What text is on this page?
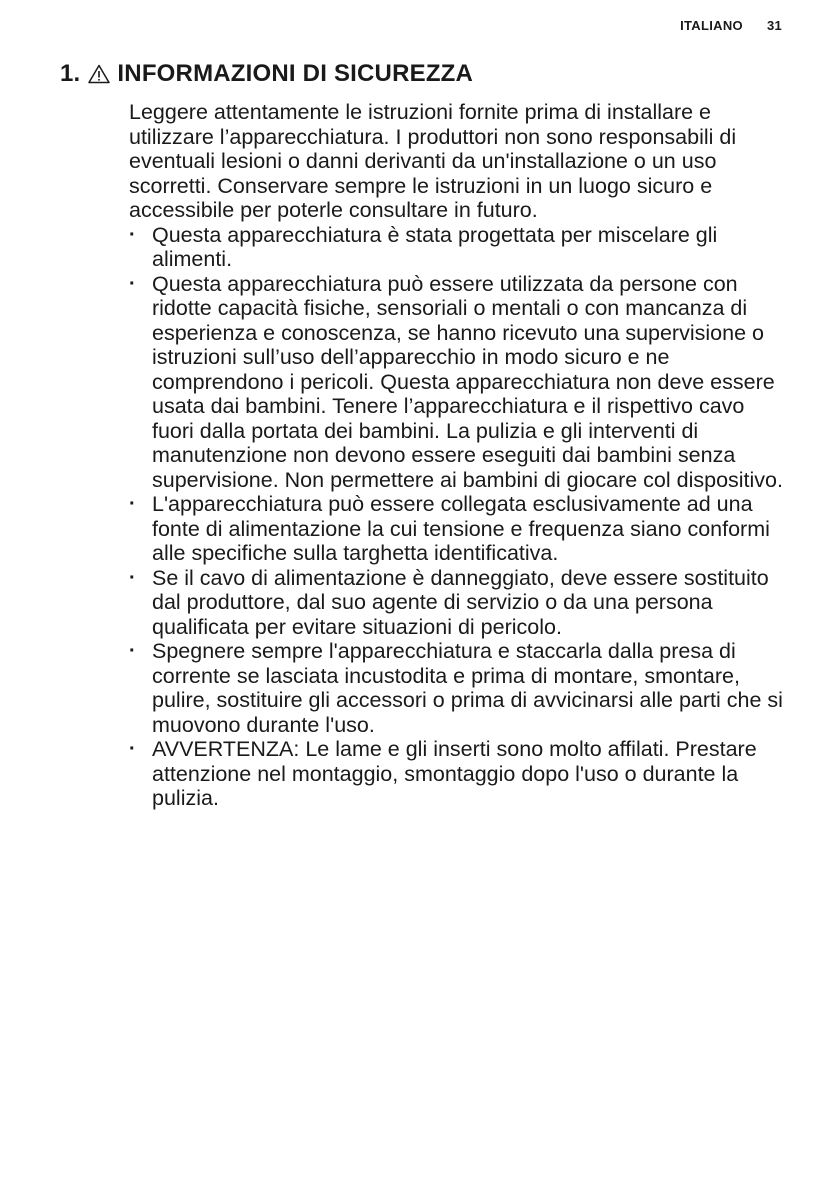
ITALIANO 31
1. INFORMAZIONI DI SICUREZZA

Leggere attentamente le istruzioni fornite prima di installare e utilizzare l’apparecchiatura. I produttori non sono responsabili di eventuali lesioni o danni derivanti da un'installazione o un uso scorretti. Conservare sempre le istruzioni in un luogo sicuro e accessibile per poterle consultare in futuro.

·
Questa apparecchiatura è stata progettata per miscelare gli alimenti.
·
Questa apparecchiatura può essere utilizzata da persone con ridotte capacità fisiche, sensoriali o mentali o con mancanza di esperienza e conoscenza, se hanno ricevuto una supervisione o istruzioni sull’uso dell’apparecchio in modo sicuro e ne comprendono i pericoli. Questa apparecchiatura non deve essere usata dai bambini. Tenere l’apparecchiatura e il rispettivo cavo fuori dalla portata dei bambini. La pulizia e gli interventi di manutenzione non devono essere eseguiti dai bambini senza supervisione. Non permettere ai bambini di giocare col dispositivo.
·
L'apparecchiatura può essere collegata esclusivamente ad una fonte di alimentazione la cui tensione e frequenza siano conformi alle specifiche sulla targhetta identificativa.
·
Se il cavo di alimentazione è danneggiato, deve essere sostituito dal produttore, dal suo agente di servizio o da una persona qualificata per evitare situazioni di pericolo.
·
Spegnere sempre l'apparecchiatura e staccarla dalla presa di corrente se lasciata incustodita e prima di montare, smontare, pulire, sostituire gli accessori o prima di avvicinarsi alle parti che si muovono durante l'uso.
·
AVVERTENZA: Le lame e gli inserti sono molto affilati. Prestare attenzione nel montaggio, smontaggio dopo l'uso o durante la pulizia.
